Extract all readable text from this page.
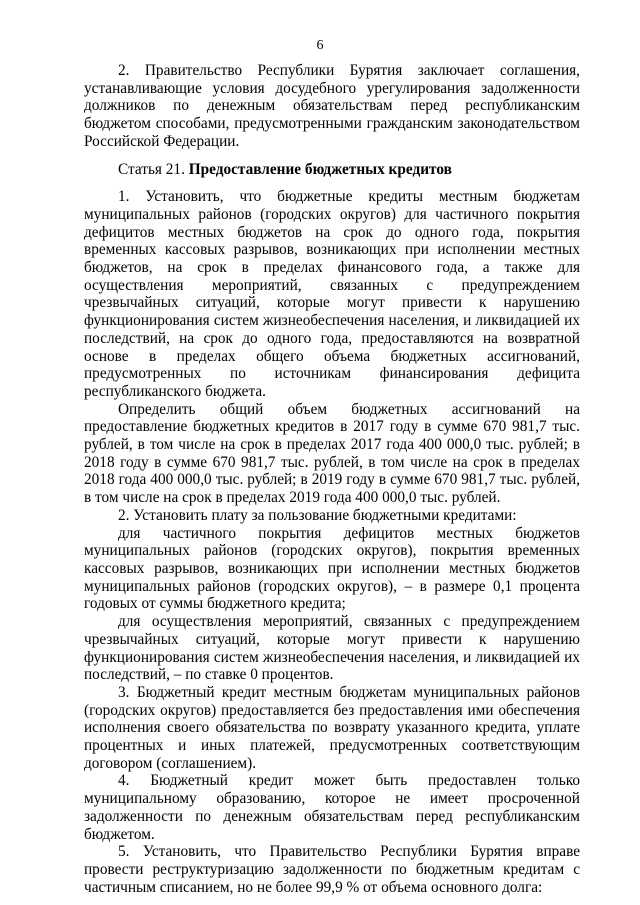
6

2. Правительство Республики Бурятия заключает соглашения, устанавливающие условия досудебного урегулирования задолженности должников по денежным обязательствам перед республиканским бюджетом способами, предусмотренными гражданским законодательством Российской Федерации.

Статья 21. Предоставление бюджетных кредитов

1. Установить, что бюджетные кредиты местным бюджетам муниципальных районов (городских округов) для частичного покрытия дефицитов местных бюджетов на срок до одного года, покрытия временных кассовых разрывов, возникающих при исполнении местных бюджетов, на срок в пределах финансового года, а также для осуществления мероприятий, связанных с предупреждением чрезвычайных ситуаций, которые могут привести к нарушению функционирования систем жизнеобеспечения населения, и ликвидацией их последствий, на срок до одного года, предоставляются на возвратной основе в пределах общего объема бюджетных ассигнований, предусмотренных по источникам финансирования дефицита республиканского бюджета.

Определить общий объем бюджетных ассигнований на предоставление бюджетных кредитов в 2017 году в сумме 670 981,7 тыс. рублей, в том числе на срок в пределах 2017 года 400 000,0 тыс. рублей; в 2018 году в сумме 670 981,7 тыс. рублей, в том числе на срок в пределах 2018 года 400 000,0 тыс. рублей; в 2019 году в сумме 670 981,7 тыс. рублей, в том числе на срок в пределах 2019 года 400 000,0 тыс. рублей.

2. Установить плату за пользование бюджетными кредитами:

для частичного покрытия дефицитов местных бюджетов муниципальных районов (городских округов), покрытия временных кассовых разрывов, возникающих при исполнении местных бюджетов муниципальных районов (городских округов), – в размере 0,1 процента годовых от суммы бюджетного кредита;

для осуществления мероприятий, связанных с предупреждением чрезвычайных ситуаций, которые могут привести к нарушению функционирования систем жизнеобеспечения населения, и ликвидацией их последствий, – по ставке 0 процентов.

3. Бюджетный кредит местным бюджетам муниципальных районов (городских округов) предоставляется без предоставления ими обеспечения исполнения своего обязательства по возврату указанного кредита, уплате процентных и иных платежей, предусмотренных соответствующим договором (соглашением).

4. Бюджетный кредит может быть предоставлен только муниципальному образованию, которое не имеет просроченной задолженности по денежным обязательствам перед республиканским бюджетом.

5. Установить, что Правительство Республики Бурятия вправе провести реструктуризацию задолженности по бюджетным кредитам с частичным списанием, но не более 99,9 % от объема основного долга:
